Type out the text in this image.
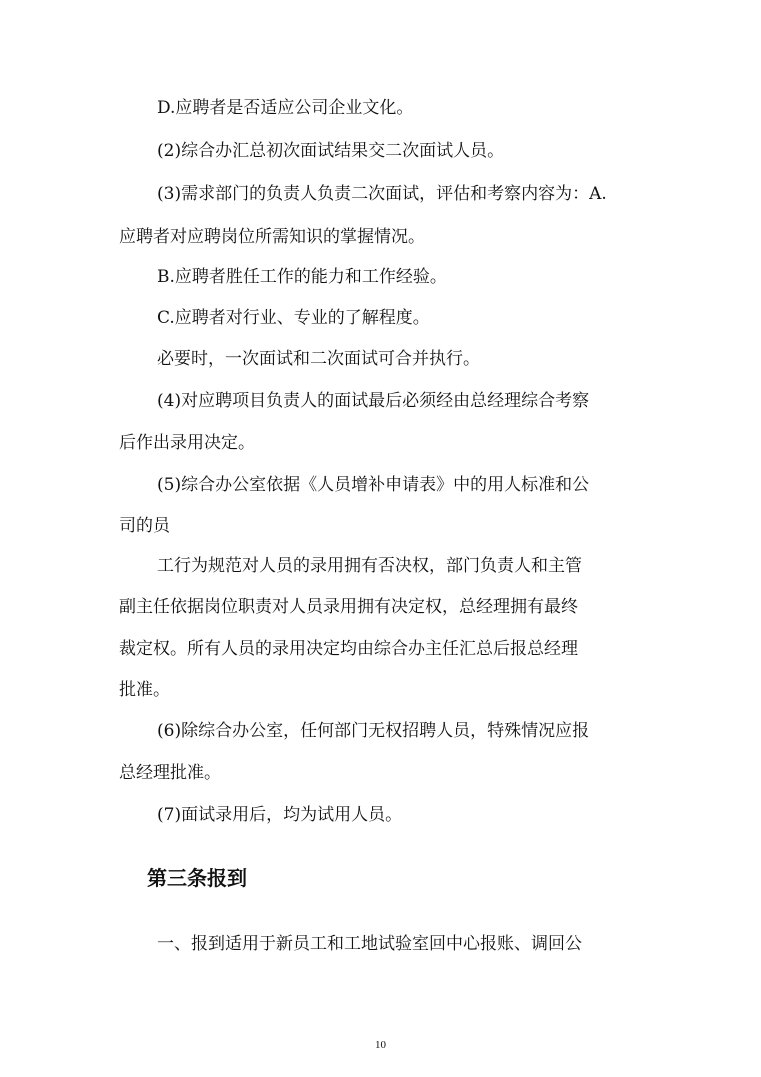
D.应聘者是否适应公司企业文化。
(2)综合办汇总初次面试结果交二次面试人员。
(3)需求部门的负责人负责二次面试，评估和考察内容为：A.
应聘者对应聘岗位所需知识的掌握情况。
B.应聘者胜任工作的能力和工作经验。
C.应聘者对行业、专业的了解程度。
必要时，一次面试和二次面试可合并执行。
(4)对应聘项目负责人的面试最后必须经由总经理综合考察
后作出录用决定。
(5)综合办公室依据《人员增补申请表》中的用人标准和公
司的员
工行为规范对人员的录用拥有否决权，部门负责人和主管
副主任依据岗位职责对人员录用拥有决定权，总经理拥有最终
裁定权。所有人员的录用决定均由综合办主任汇总后报总经理
批准。
(6)除综合办公室，任何部门无权招聘人员，特殊情况应报
总经理批准。
(7)面试录用后，均为试用人员。
第三条报到
一、报到适用于新员工和工地试验室回中心报账、调回公
10
